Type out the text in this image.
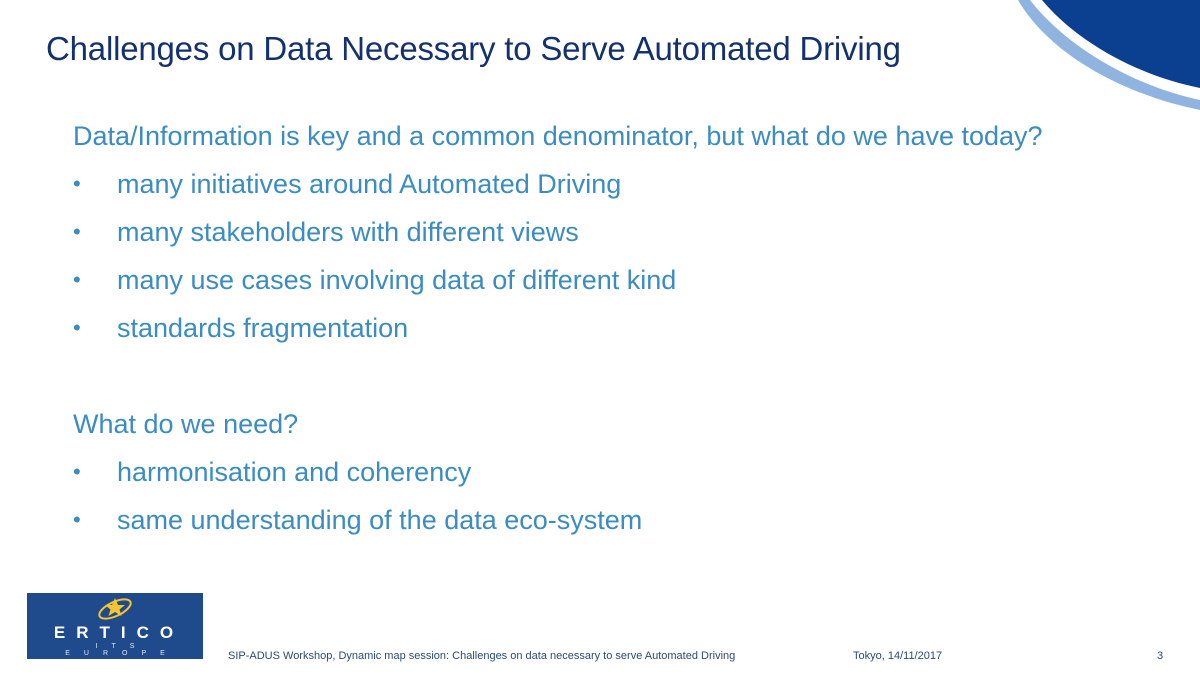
Challenges on Data Necessary to Serve Automated Driving
Data/Information is key and a common denominator, but what do we have today?
•	many initiatives around Automated Driving
•	many stakeholders with different views
•	many use cases involving data of different kind
•	standards fragmentation
What do we need?
•	harmonisation and coherency
•	same understanding of the data eco-system
ERTICO
ITS EUROPE	SIP-ADUS Workshop, Dynamic map session: Challenges on data necessary to serve Automated Driving	Tokyo, 14/11/2017	3
